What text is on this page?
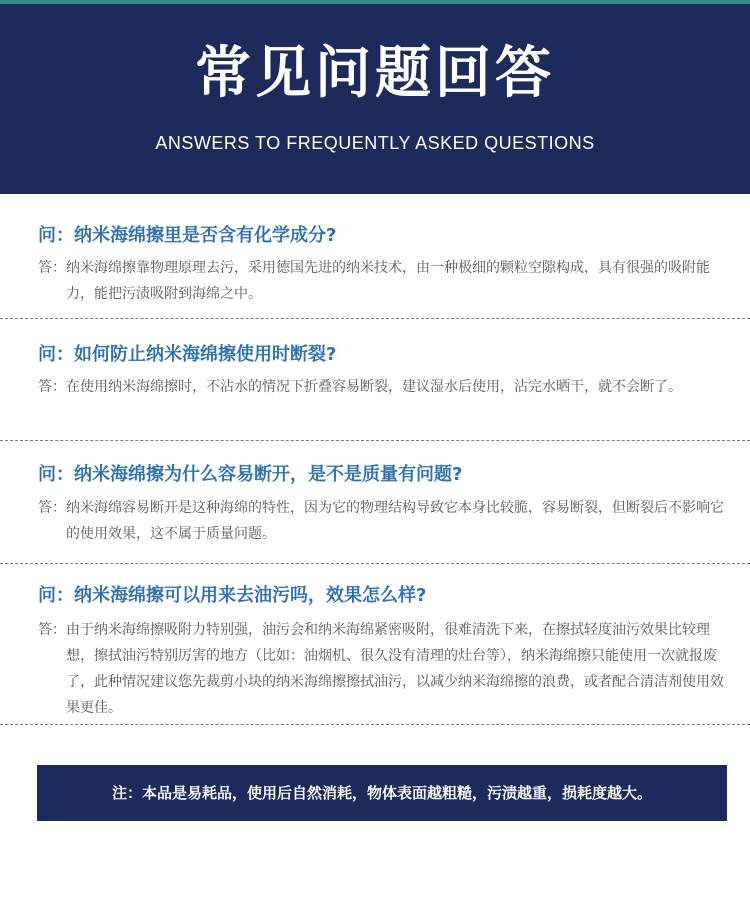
常见问题回答
ANSWERS TO FREQUENTLY ASKED QUESTIONS
问：纳米海绵擦里是否含有化学成分?
答： 纳米海绵擦靠物理原理去污，采用德国先进的纳米技术，由一种极细的颗粒空隙构成，具有很强的吸附能力，能把污渍吸附到海绵之中。
问：如何防止纳米海绵擦使用时断裂?
答： 在使用纳米海绵擦时，不沾水的情况下折叠容易断裂，建议湿水后使用，沾完水晒干，就不会断了。
问：纳米海绵擦为什么容易断开，是不是质量有问题?
答： 纳米海绵容易断开是这种海绵的特性，因为它的物理结构导致它本身比较脆，容易断裂，但断裂后不影响它的使用效果，这不属于质量问题。
问：纳米海绵擦可以用来去油污吗，效果怎么样?
答： 由于纳米海绵擦吸附力特别强，油污会和纳米海绵紧密吸附，很难清洗下来，在擦拭轻度油污效果比较理想，擦拭油污特别厉害的地方（比如：油烟机、很久没有清理的灶台等），纳米海绵擦只能使用一次就报废了，此种情况建议您先裁剪小块的纳米海绵擦擦拭油污，以减少纳米海绵擦的浪费，或者配合清洁剂使用效果更佳。
注：本品是易耗品，使用后自然消耗，物体表面越粗糙，污渍越重，损耗度越大。
